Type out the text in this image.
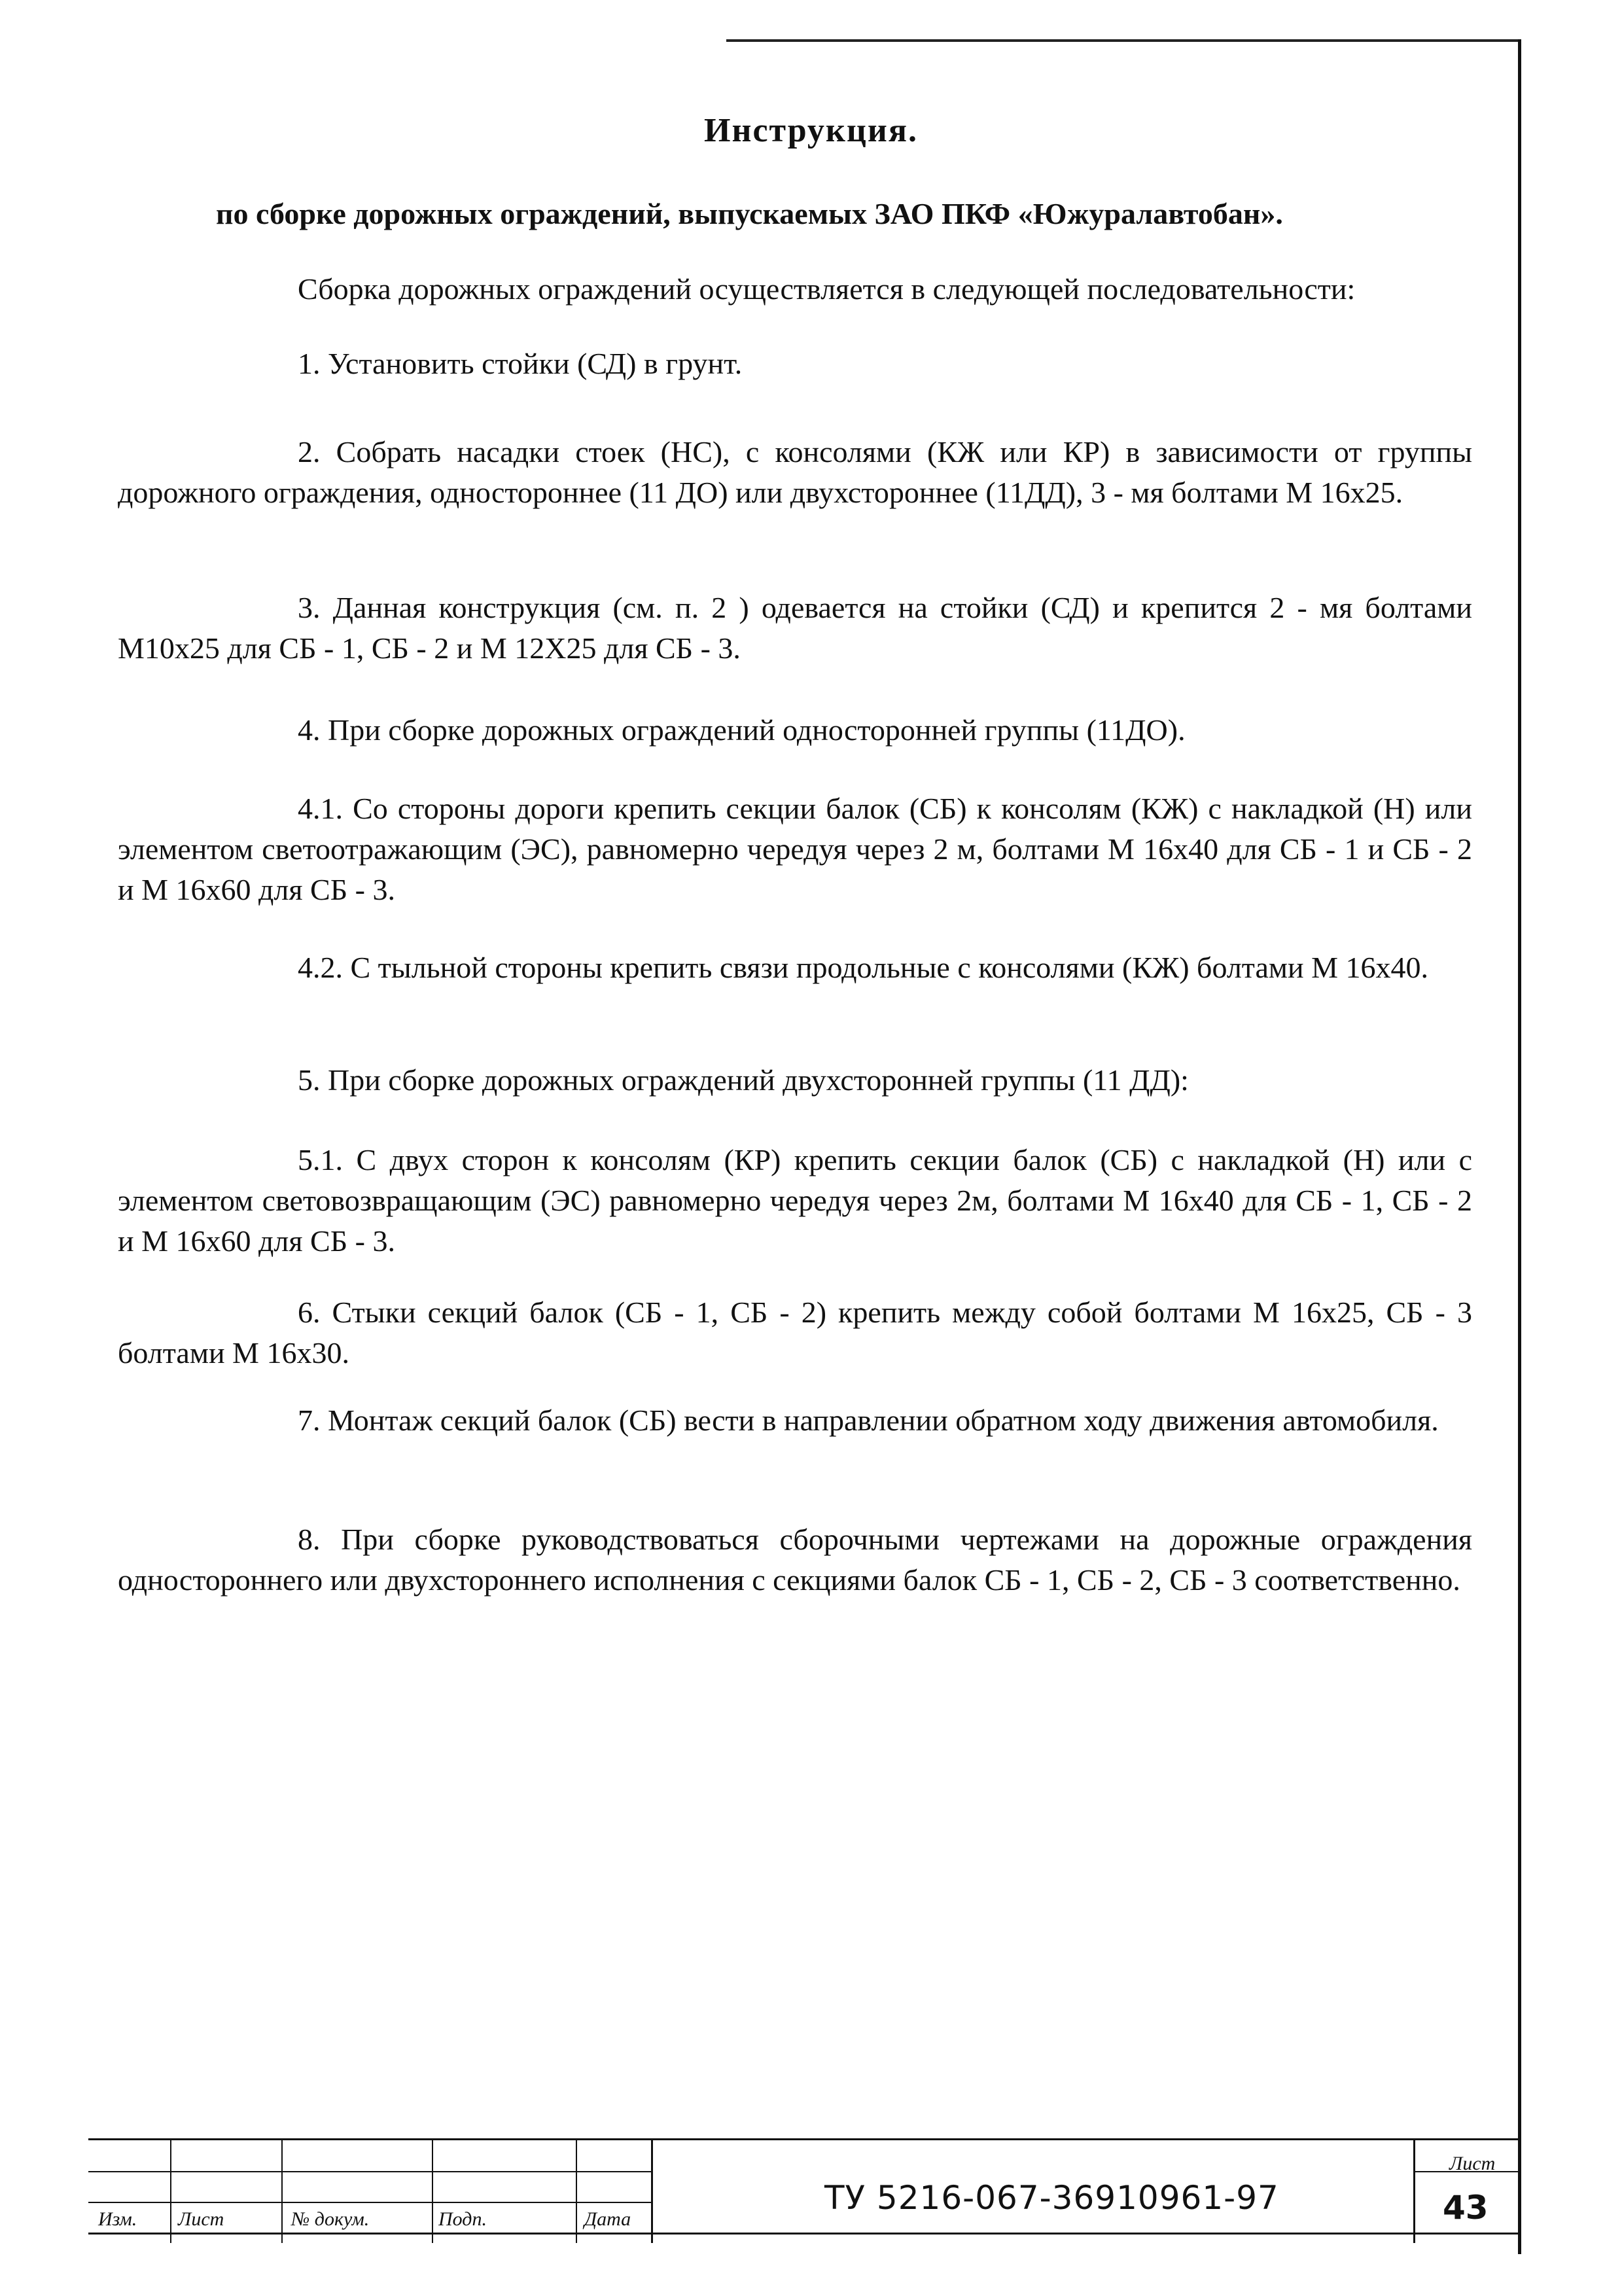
Инструкция.
по сборке дорожных ограждений, выпускаемых ЗАО ПКФ «Южуралавтобан».
Сборка дорожных ограждений осуществляется в следующей последовательности:
1. Установить стойки (СД) в грунт.
2. Собрать насадки стоек (НС), с консолями (КЖ или КР) в зависимости от группы дорожного ограждения, одностороннее (11 ДО) или двухстороннее (11ДД), 3 - мя болтами М 16х25.
3. Данная конструкция (см. п. 2 ) одевается на стойки (СД) и крепится 2 - мя болтами М10х25 для СБ - 1, СБ - 2 и М 12Х25 для СБ - 3.
4. При сборке дорожных ограждений односторонней группы (11ДО).
4.1. Со стороны дороги крепить секции балок (СБ) к консолям (КЖ) с накладкой (Н) или элементом светоотражающим (ЭС), равномерно чередуя через 2 м, болтами М 16х40 для СБ - 1 и СБ - 2 и М 16х60 для СБ - 3.
4.2. С тыльной стороны крепить связи продольные с консолями (КЖ) болтами М 16х40.
5. При сборке дорожных ограждений двухсторонней группы (11 ДД):
5.1. С двух сторон к консолям (КР) крепить секции балок (СБ) с накладкой (Н) или с элементом световозвращающим (ЭС) равномерно чередуя через 2м, болтами М 16х40 для СБ - 1, СБ - 2 и М 16х60 для СБ - 3.
6. Стыки секций балок (СБ - 1, СБ - 2) крепить между собой болтами М 16х25, СБ - 3 болтами М 16х30.
7. Монтаж секций балок (СБ) вести в направлении обратном ходу движения автомобиля.
8. При сборке руководствоваться сборочными чертежами на дорожные ограждения одностороннего или двухстороннего исполнения с секциями балок СБ - 1, СБ - 2, СБ - 3 соответственно.
Изм. Лист	№ докум.	Подп.	Дата
ТУ 5216-067-36910961-97
Лист
43
